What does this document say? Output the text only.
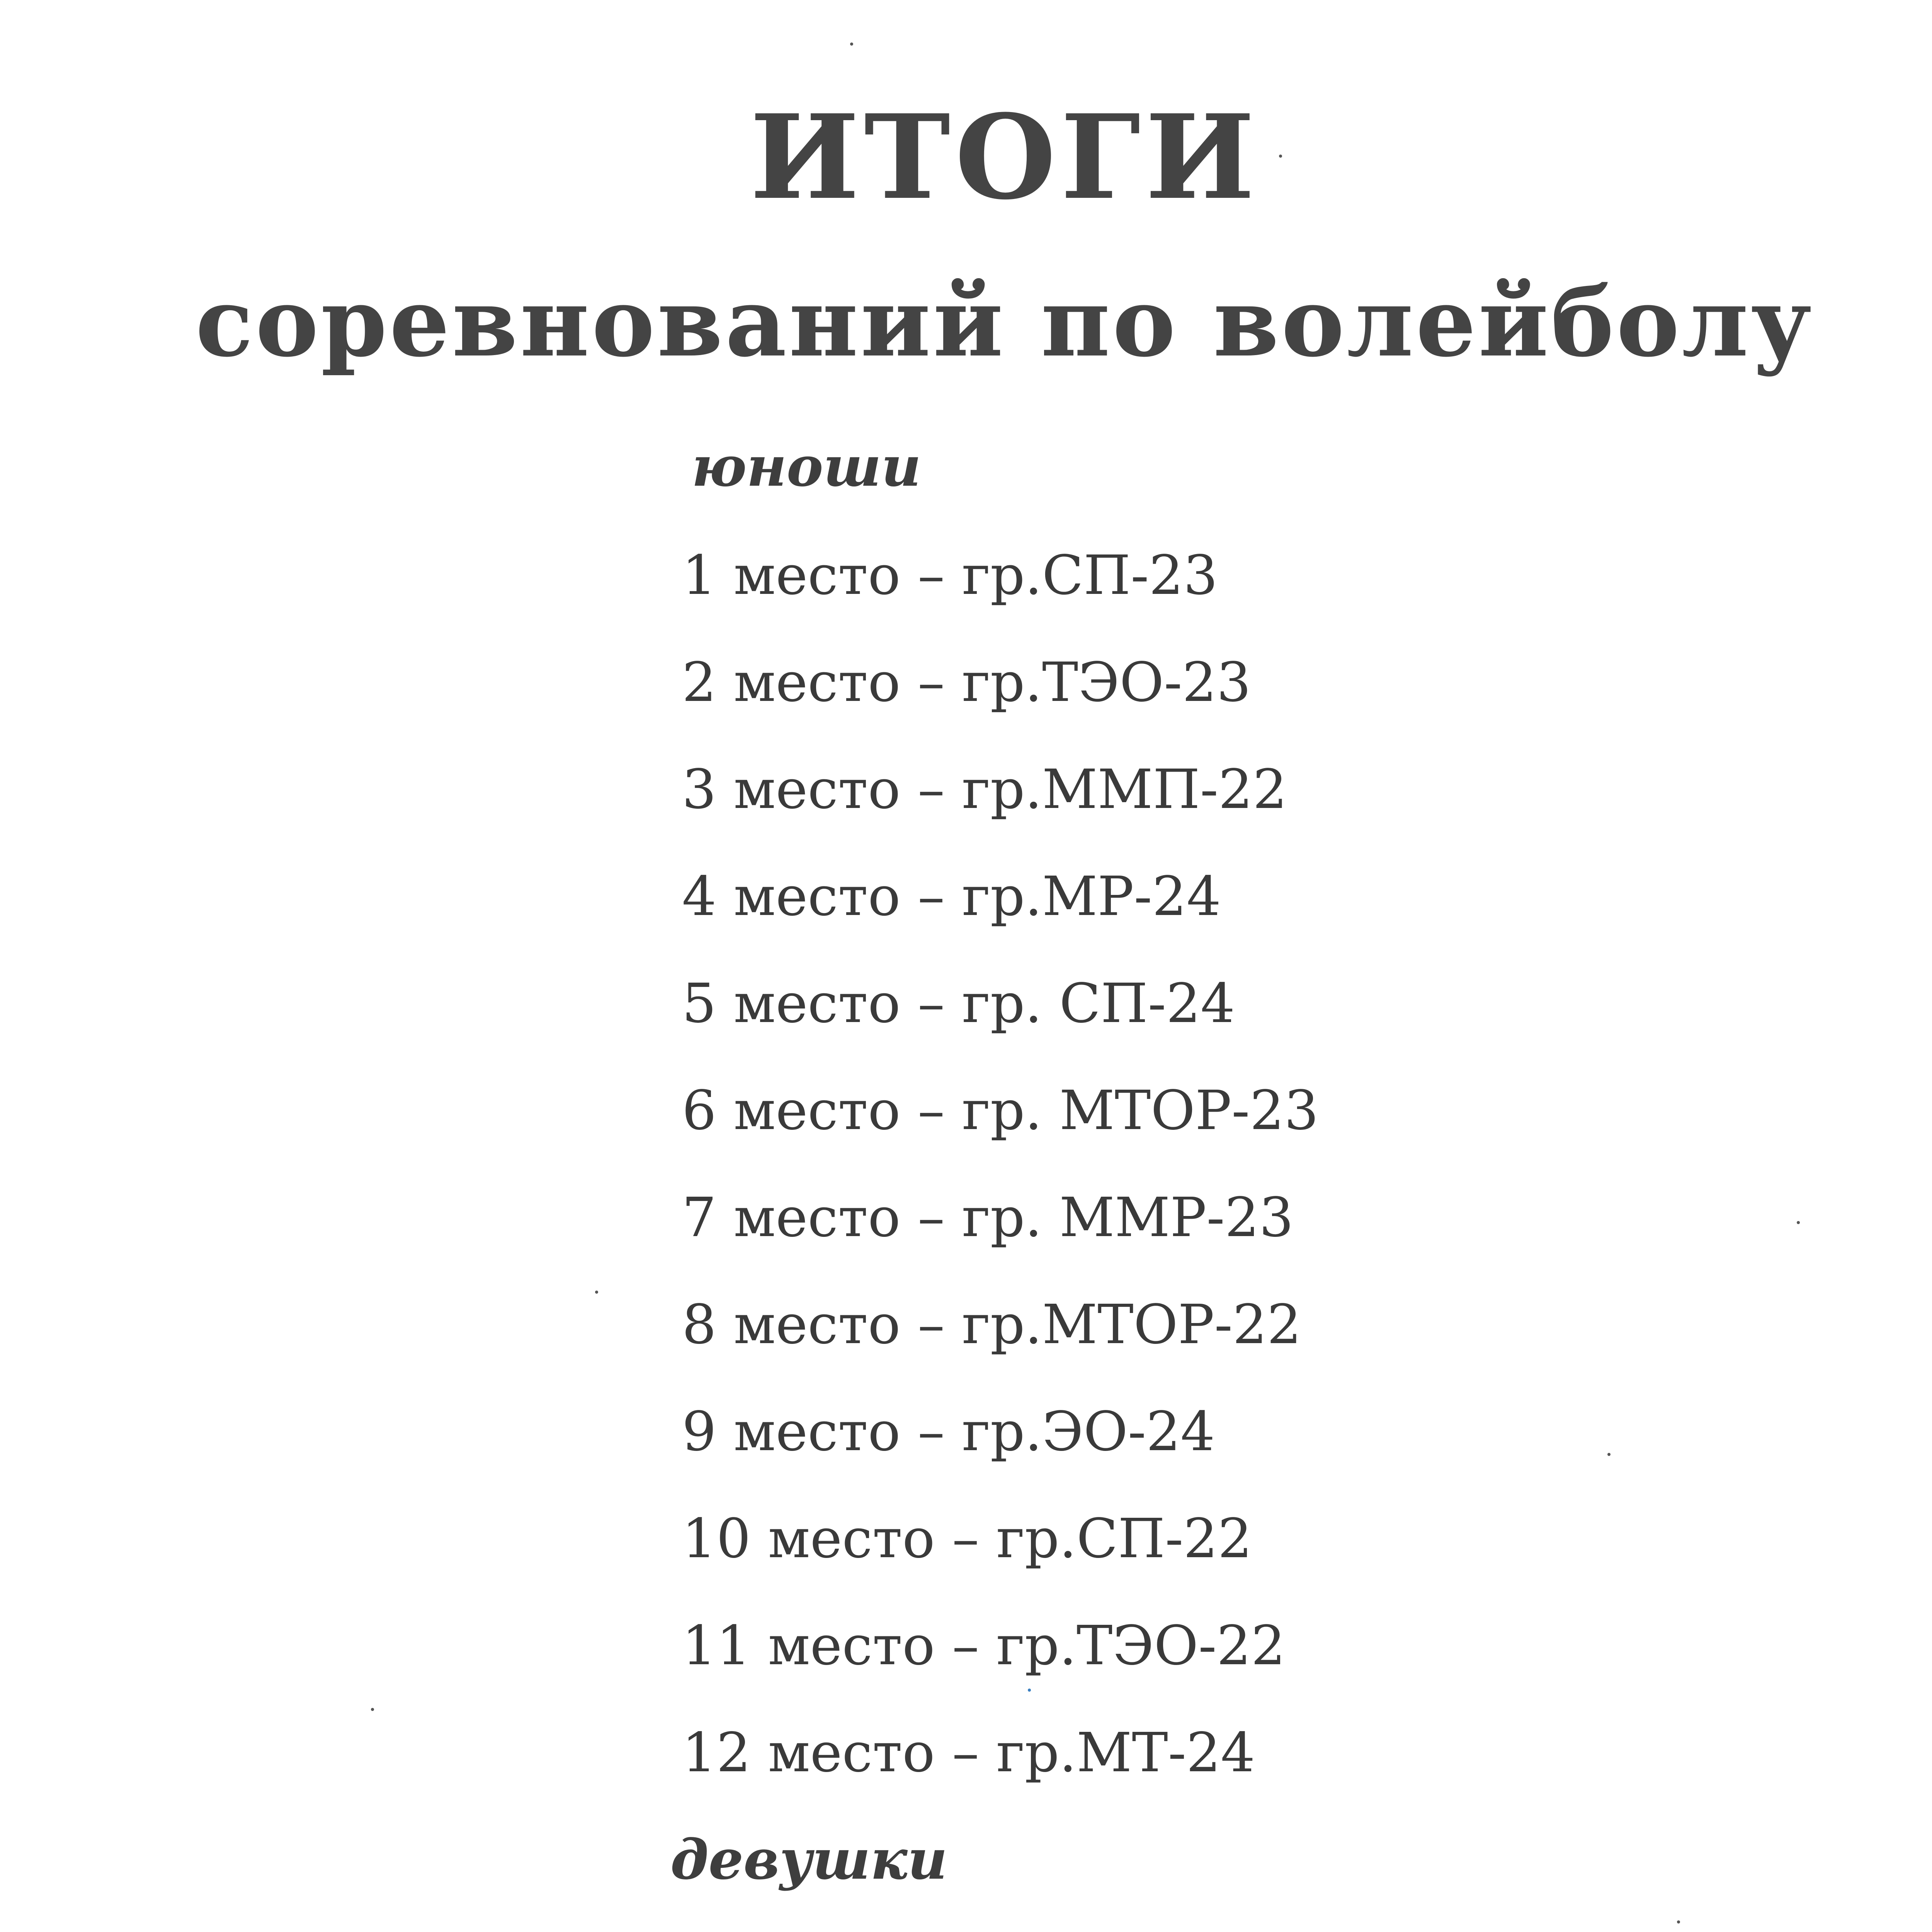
ИТОГИ
соревнований по волейболу
юноши
1 место – гр.СП-23
2 место – гр.ТЭО-23
3 место – гр.ММП-22
4 место – гр.МР-24
5 место – гр. СП-24
6 место – гр. МТОР-23
7 место – гр. ММР-23
8 место – гр.МТОР-22
9 место – гр.ЭО-24
10 место – гр.СП-22
11 место – гр.ТЭО-22
12 место – гр.МТ-24
девушки
